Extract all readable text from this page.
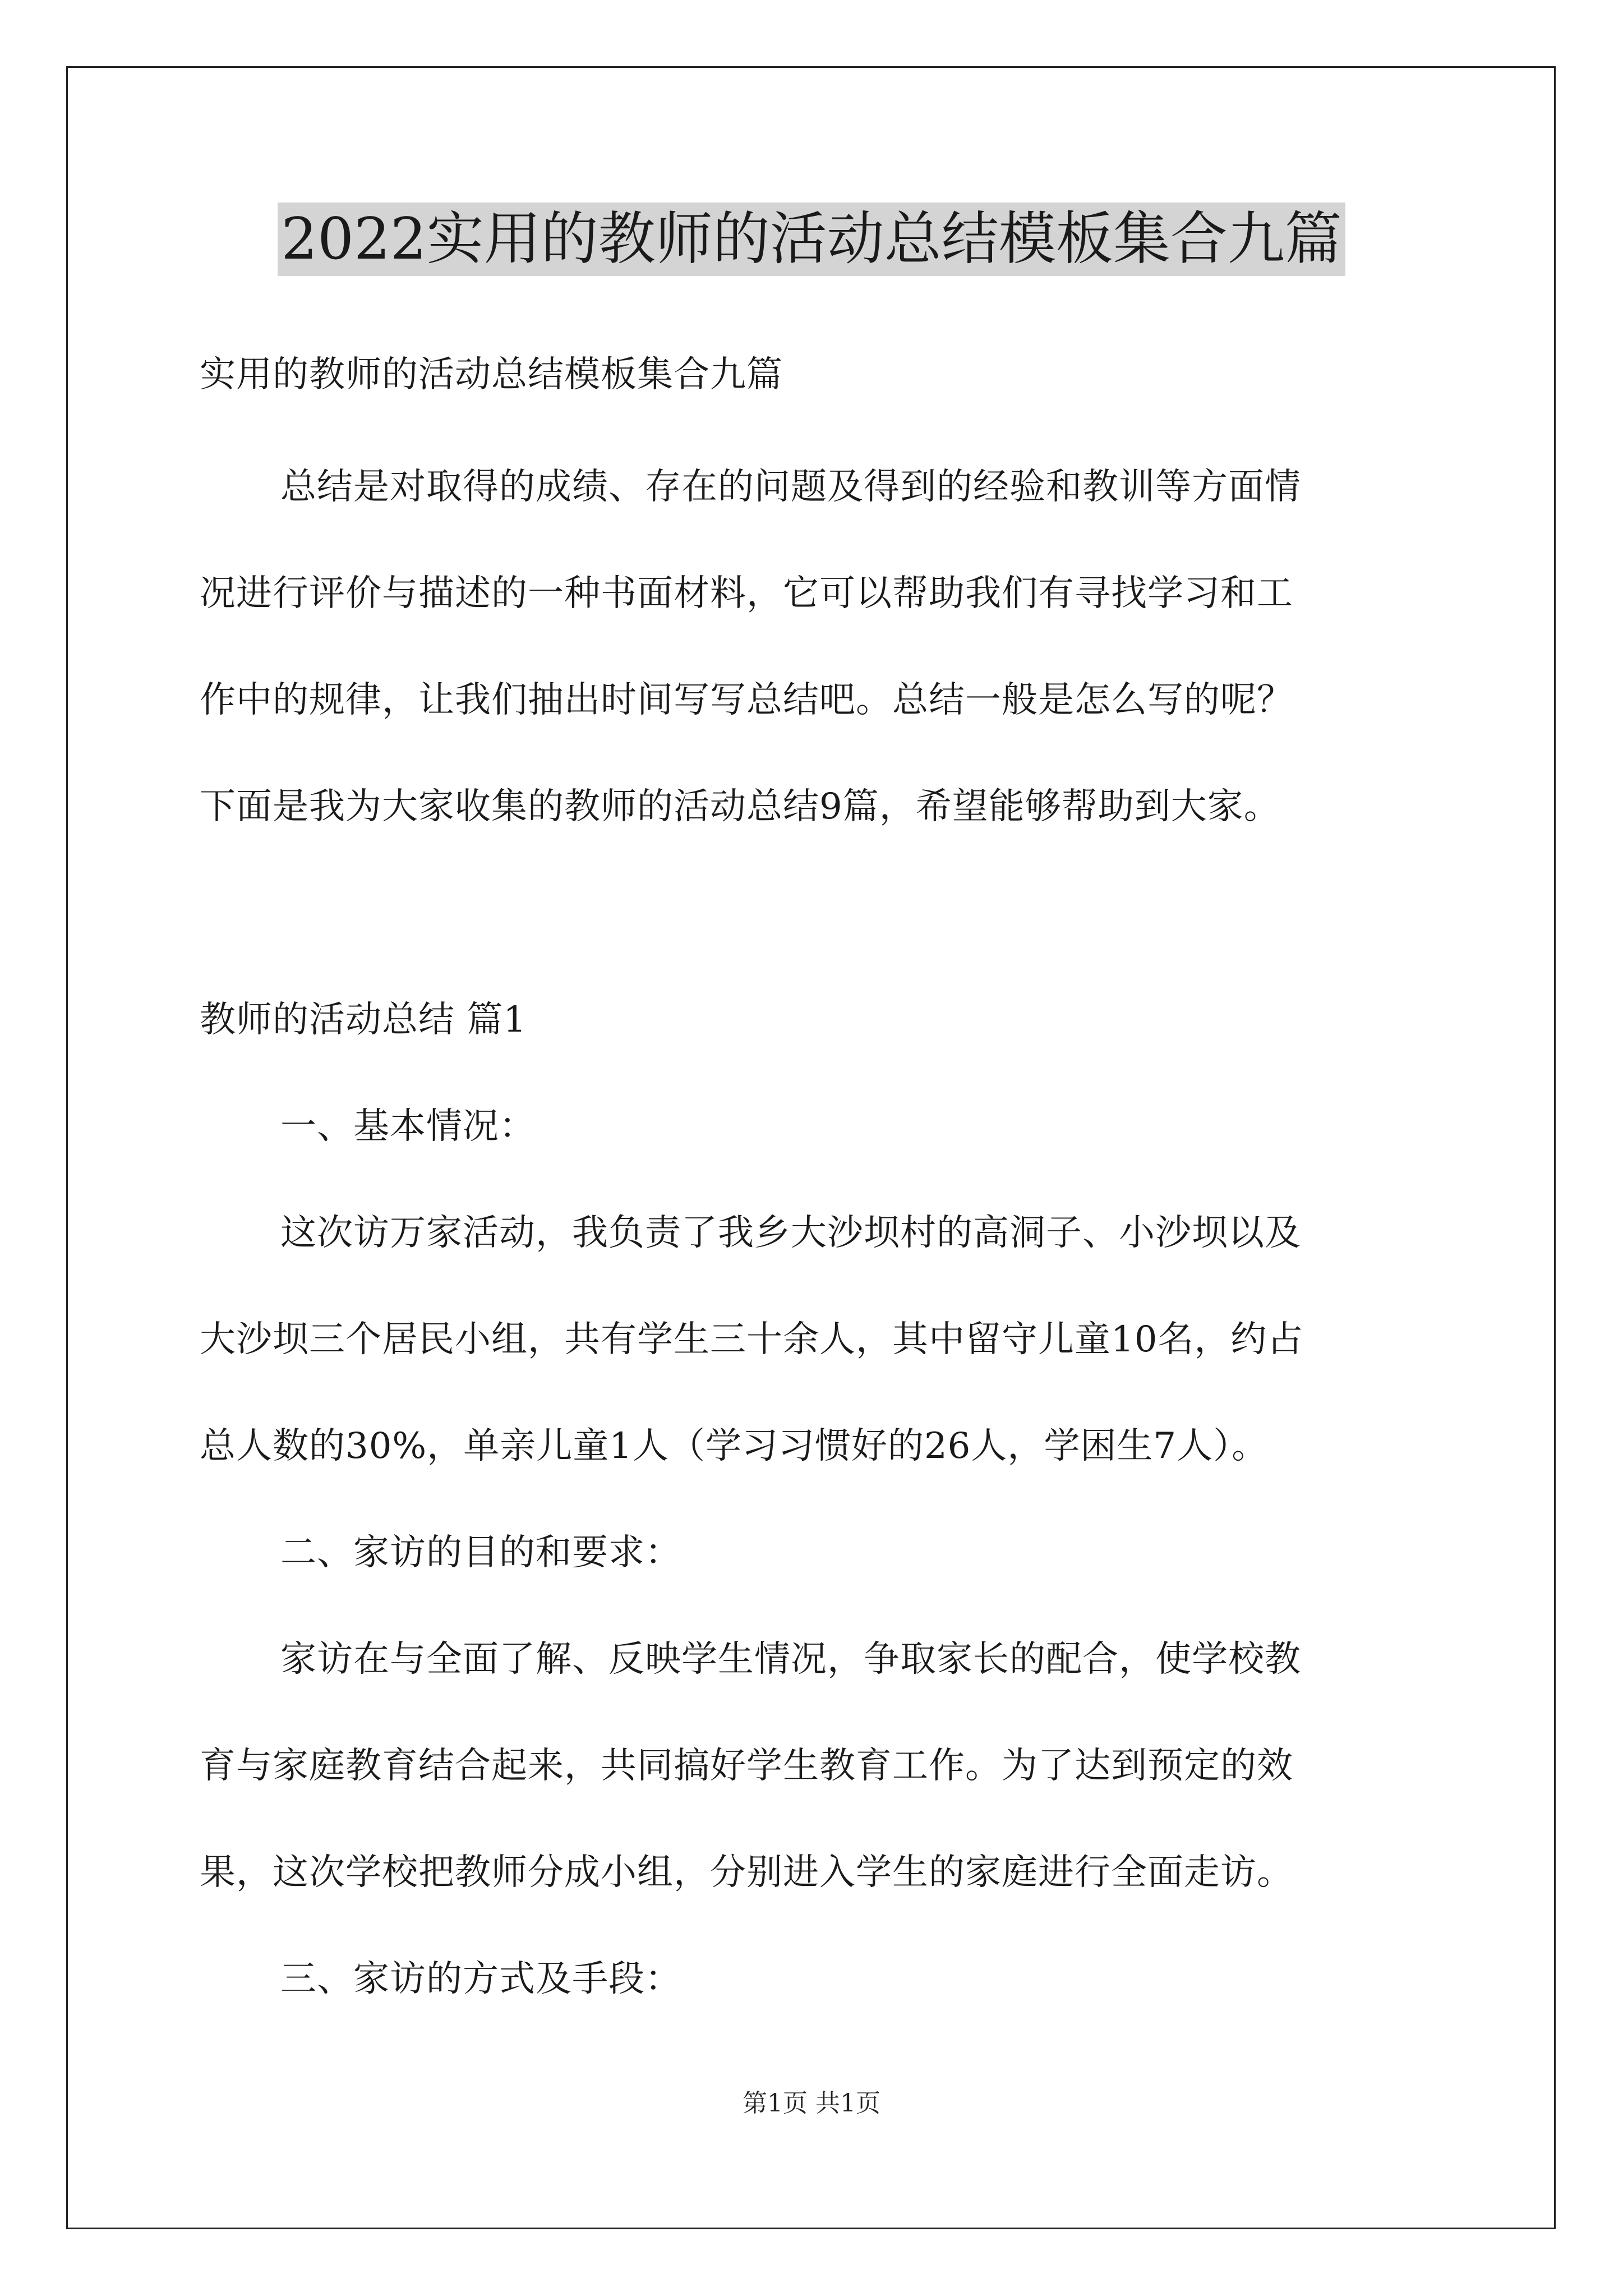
2022实用的教师的活动总结模板集合九篇
实用的教师的活动总结模板集合九篇
总结是对取得的成绩、存在的问题及得到的经验和教训等方面情
况进行评价与描述的一种书面材料，它可以帮助我们有寻找学习和工
作中的规律，让我们抽出时间写写总结吧。总结一般是怎么写的呢？
下面是我为大家收集的教师的活动总结9篇，希望能够帮助到大家。
教师的活动总结 篇1
一、基本情况：
这次访万家活动，我负责了我乡大沙坝村的高洞子、小沙坝以及
大沙坝三个居民小组，共有学生三十余人，其中留守儿童10名，约占
总人数的30%，单亲儿童1人（学习习惯好的26人，学困生7人）。
二、家访的目的和要求：
家访在与全面了解、反映学生情况，争取家长的配合，使学校教
育与家庭教育结合起来，共同搞好学生教育工作。为了达到预定的效
果，这次学校把教师分成小组，分别进入学生的家庭进行全面走访。
三、家访的方式及手段：
第1页 共1页
